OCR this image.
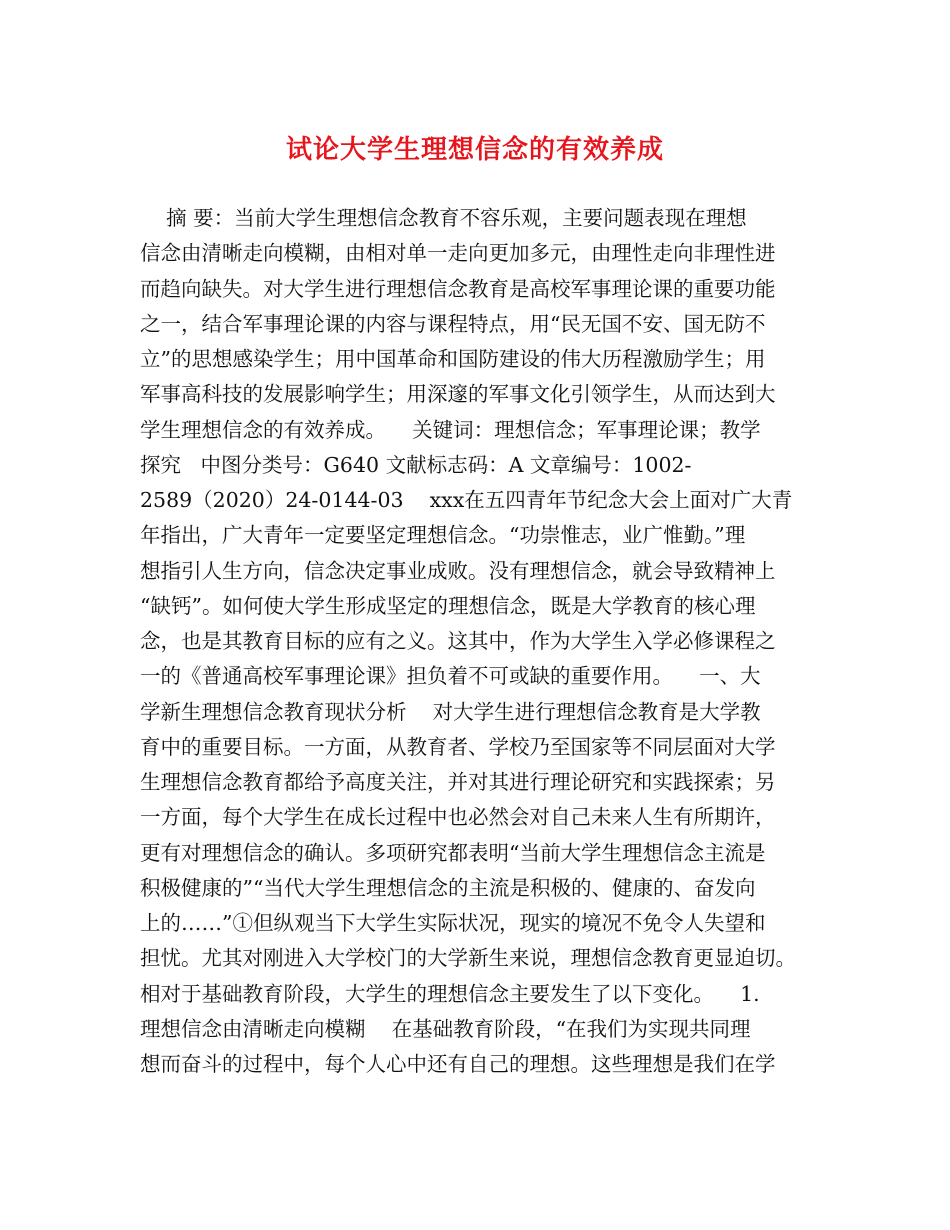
试论大学生理想信念的有效养成
摘 要：当前大学生理想信念教育不容乐观，主要问题表现在理想
信念由清晰走向模糊，由相对单一走向更加多元，由理性走向非理性进
而趋向缺失。对大学生进行理想信念教育是高校军事理论课的重要功能
之一，结合军事理论课的内容与课程特点，用“民无国不安、国无防不
立”的思想感染学生；用中国革命和国防建设的伟大历程激励学生；用
军事高科技的发展影响学生；用深邃的军事文化引领学生，从而达到大
学生理想信念的有效养成。    关键词：理想信念；军事理论课；教学
探究   中图分类号：G640 文献标志码：A 文章编号：1002-
2589（2020）24-0144-03    xxx在五四青年节纪念大会上面对广大青
年指出，广大青年一定要坚定理想信念。“功崇惟志，业广惟勤。”理
想指引人生方向，信念决定事业成败。没有理想信念，就会导致精神上
“缺钙”。如何使大学生形成坚定的理想信念，既是大学教育的核心理
念，也是其教育目标的应有之义。这其中，作为大学生入学必修课程之
一的《普通高校军事理论课》担负着不可或缺的重要作用。    一、大
学新生理想信念教育现状分析    对大学生进行理想信念教育是大学教
育中的重要目标。一方面，从教育者、学校乃至国家等不同层面对大学
生理想信念教育都给予高度关注，并对其进行理论研究和实践探索；另
一方面，每个大学生在成长过程中也必然会对自己未来人生有所期许，
更有对理想信念的确认。多项研究都表明“当前大学生理想信念主流是
积极健康的”“当代大学生理想信念的主流是积极的、健康的、奋发向
上的……”①但纵观当下大学生实际状况，现实的境况不免令人失望和
担忧。尤其对刚进入大学校门的大学新生来说，理想信念教育更显迫切。
相对于基础教育阶段，大学生的理想信念主要发生了以下变化。    1.
理想信念由清晰走向模糊    在基础教育阶段，“在我们为实现共同理
想而奋斗的过程中，每个人心中还有自己的理想。这些理想是我们在学
